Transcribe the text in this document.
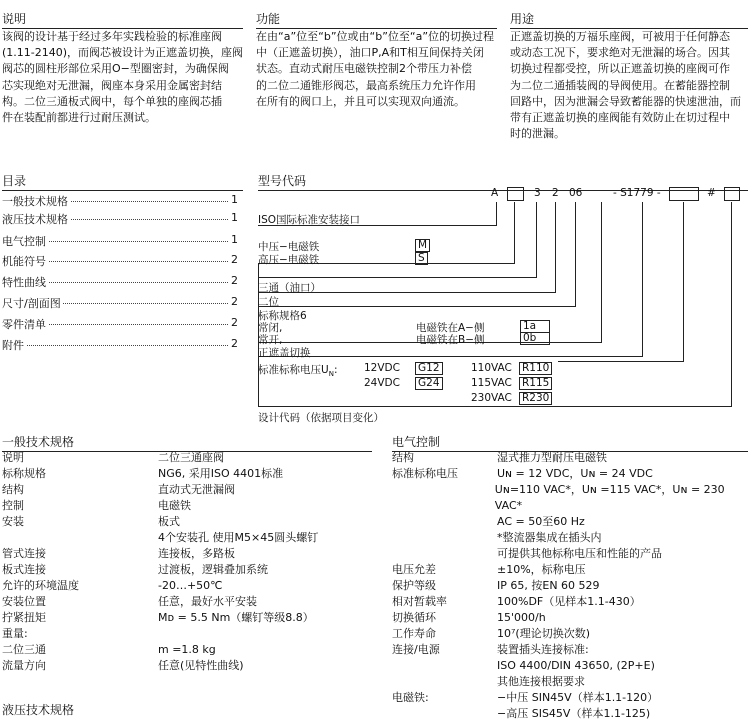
说明
该阀的设计基于经过多年实践检验的标准座阀
(1.11-2140)，而阀芯被设计为正遮盖切换，座阀
阀芯的圆柱形部位采用O−型圈密封，为确保阀
芯实现绝对无泄漏，阀座本身采用金属密封结
构。二位三通板式阀中，每个单独的座阀芯插
件在装配前都进行过耐压测试。
功能
在由“a”位至“b”位或由“b”位至“a”位的切换过程
中（正遮盖切换），油口P,A和T相互间保持关闭
状态。直动式耐压电磁铁控制2个带压力补偿
的二位二通锥形阀芯，最高系统压力允许作用
在所有的阀口上，并且可以实现双向通流。
用途
正遮盖切换的万福乐座阀，可被用于任何静态
或动态工况下，要求绝对无泄漏的场合。因其
切换过程都受控，所以正遮盖切换的座阀可作
为二位二通插装阀的导阀使用。在蓄能器控制
回路中，因为泄漏会导致蓄能器的快速泄油，而
带有正遮盖切换的座阀能有效防止在切过程中
时的泄漏。
目录
一般技术规格	1
液压技术规格	1
电气控制	1
机能符号	2
特性曲线	2
尺寸/剖面图	2
零件清单	2
附件	2
型号代码
A	3 2 06	- S1779 -	#
ISO国际标准安装接口
中压−电磁铁	M
高压−电磁铁	S
三通（油口）
二位
标称规格6
常闭,	电磁铁在A−侧	1a
常开,	电磁铁在B−侧	0b
正遮盖切换
标准标称电压$U_N$:	12VDC G12	110VAC R110
24VDC G24	115VAC R115
230VAC R230
设计代码（依据项目变化）
一般技术规格
说明	二位三通座阀
标称规格	NG6, 采用ISO 4401标准
结构	直动式无泄漏阀
控制	电磁铁
安装	板式
4个安装孔 使用M5×45圆头螺钉
管式连接	连接板，多路板
板式连接	过渡板，逻辑叠加系统
允许的环境温度	-20…+50℃
安装位置	任意，最好水平安装
拧紧扭矩	Mᴅ = 5.5 Nm（螺钉等级8.8）
重量:
二位三通	m =1.8 kg
流量方向	任意(见特性曲线)
电气控制
结构	湿式推力型耐压电磁铁
标准标称电压	Uɴ = 12 VDC，Uɴ = 24 VDC
Uɴ=110 VAC*，Uɴ =115 VAC*，Uɴ = 230 VAC*
AC = 50至60 Hz
*整流器集成在插头内
可提供其他标称电压和性能的产品
电压允差	±10%，标称电压
保护等级	IP 65, 按EN 60 529
相对暂载率	100%DF（见样本1.1-430）
切换循环	15'000/h
工作寿命	10⁷(理论切换次数)
连接/电源	装置插头连接标准:
ISO 4400/DIN 43650, (2P+E)
其他连接根据要求
电磁铁:	−中压 SIN45V（样本1.1-120）
−高压 SIS45V（样本1.1-125)
液压技术规格
